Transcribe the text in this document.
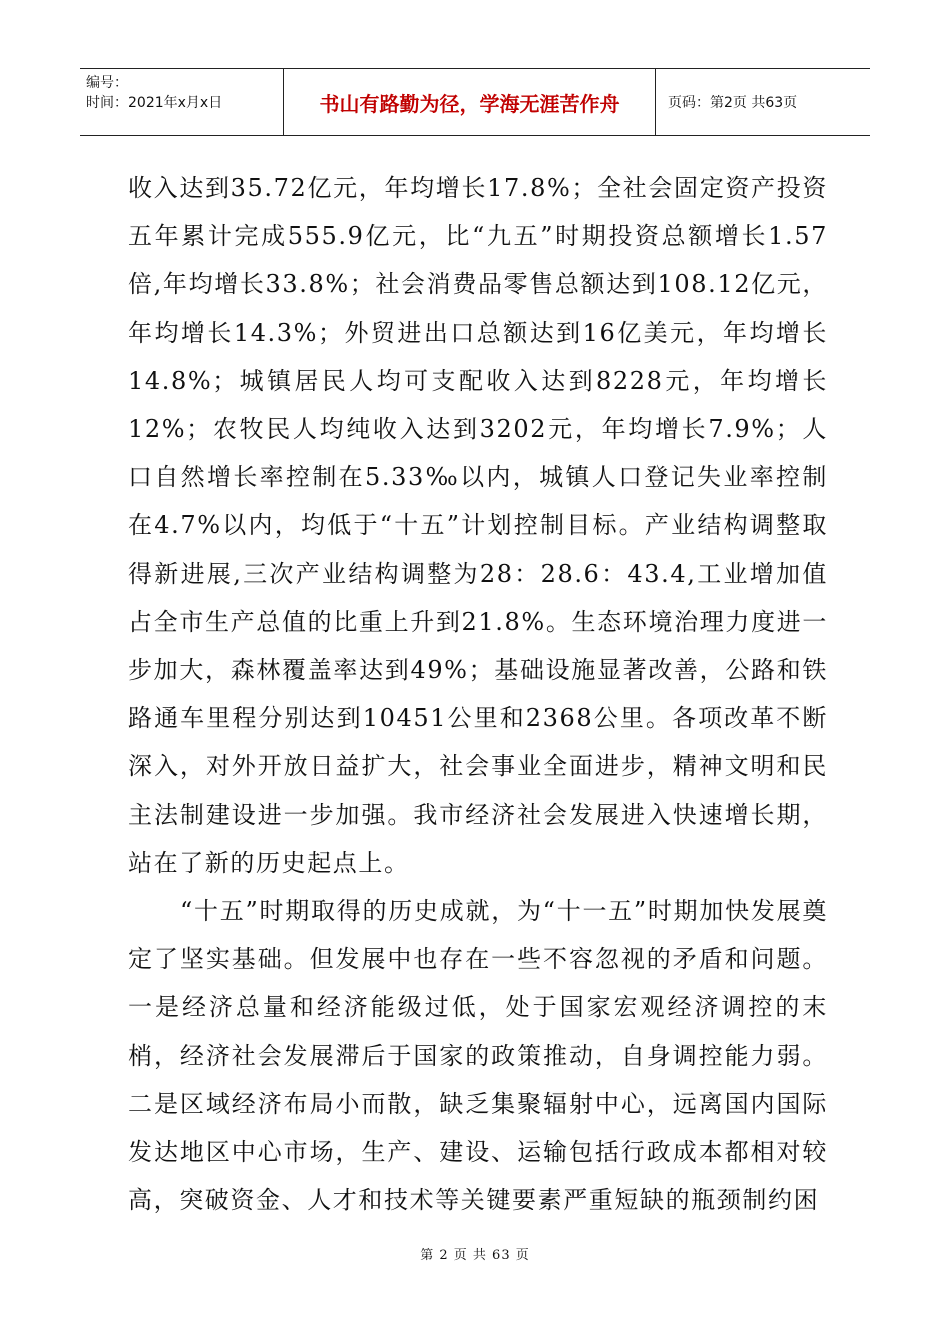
编号：
时间：2021年x月x日	书山有路勤为径，学海无涯苦作舟	页码：第2页 共63页

收入达到35.72亿元，年均增长17.8%；全社会固定资产投资五年累计完成555.9亿元，比“九五”时期投资总额增长1.57倍,年均增长33.8%；社会消费品零售总额达到108.12亿元，年均增长14.3%；外贸进出口总额达到16亿美元，年均增长14.8%；城镇居民人均可支配收入达到8228元，年均增长12%；农牧民人均纯收入达到3202元，年均增长7.9%；人口自然增长率控制在5.33‰以内，城镇人口登记失业率控制在4.7%以内，均低于“十五”计划控制目标。产业结构调整取得新进展,三次产业结构调整为28：28.6：43.4,工业增加值占全市生产总值的比重上升到21.8%。生态环境治理力度进一步加大，森林覆盖率达到49%；基础设施显著改善，公路和铁路通车里程分别达到10451公里和2368公里。各项改革不断深入，对外开放日益扩大，社会事业全面进步，精神文明和民主法制建设进一步加强。我市经济社会发展进入快速增长期，站在了新的历史起点上。

“十五”时期取得的历史成就，为“十一五”时期加快发展奠定了坚实基础。但发展中也存在一些不容忽视的矛盾和问题。一是经济总量和经济能级过低，处于国家宏观经济调控的末梢，经济社会发展滞后于国家的政策推动，自身调控能力弱。二是区域经济布局小而散，缺乏集聚辐射中心，远离国内国际发达地区中心市场，生产、建设、运输包括行政成本都相对较高，突破资金、人才和技术等关键要素严重短缺的瓶颈制约困

第 2 页 共 63 页
